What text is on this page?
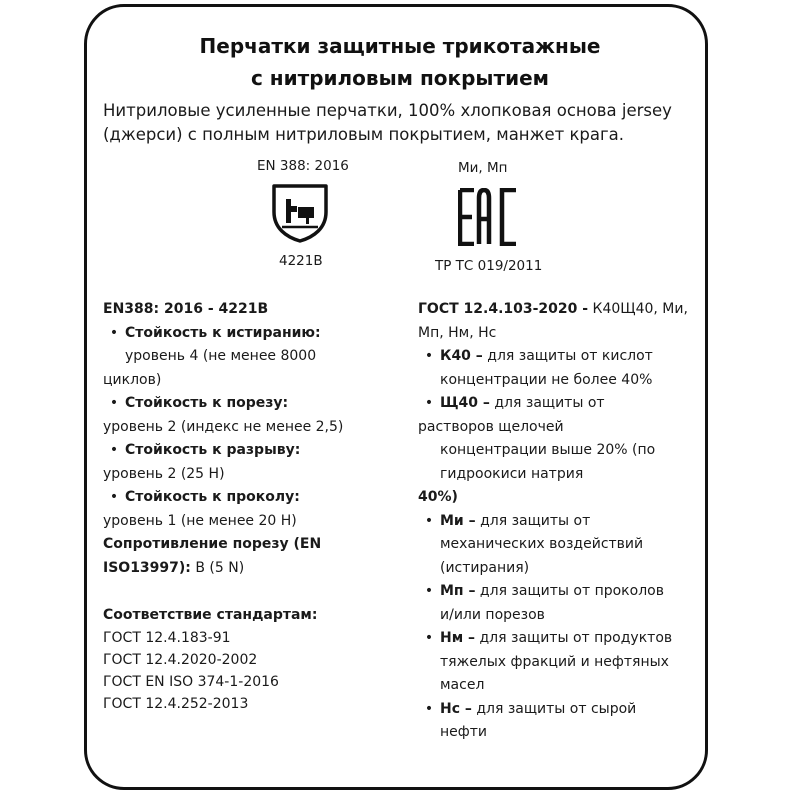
Перчатки защитные трикотажные
с нитриловым покрытием
Нитриловые усиленные перчатки, 100% хлопковая основа jersey
(джерси) с полным нитриловым покрытием, манжет крага.
EN 388: 2016
4221B
Ми, Мп
ТР ТС 019/2011
EN388: 2016 - 4221B
• Стойкость к истиранию:
уровень 4 (не менее 8000
циклов)
• Стойкость к порезу:
уровень 2 (индекс не менее 2,5)
• Стойкость к разрыву:
уровень 2 (25 Н)
• Стойкость к проколу:
уровень 1 (не менее 20 Н)
Сопротивление порезу (EN
ISO13997): B (5 N)
Соответствие стандартам:
ГОСТ 12.4.183-91
ГОСТ 12.4.2020-2002
ГОСТ EN ISO 374-1-2016
ГОСТ 12.4.252-2013
ГОСТ 12.4.103-2020 - К40Щ40, Ми,
Мп, Нм, Нс
• К40 – для защиты от кислот
концентрации не более 40%
• Щ40 – для защиты от
растворов щелочей
концентрации выше 20% (по
гидроокиси натрия
40%)
• Ми – для защиты от
механических воздействий
(истирания)
• Мп – для защиты от проколов
и/или порезов
• Нм – для защиты от продуктов
тяжелых фракций и нефтяных
масел
• Нс – для защиты от сырой
нефти
